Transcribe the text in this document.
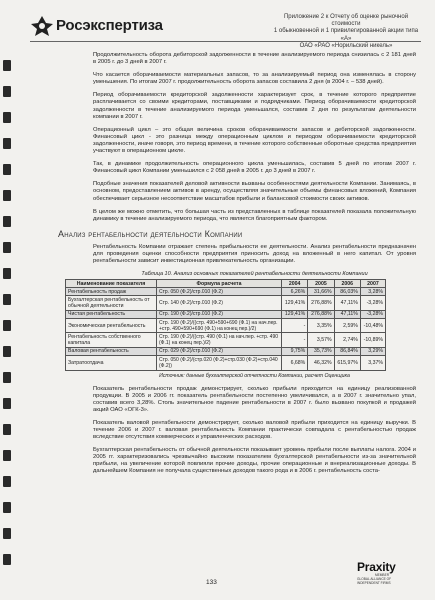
Росэкспертиза	Приложение 2 к Отчету об оценке рыночной стоимости
1 обыкновенной и 1 привилегированной акции типа «А»
ОАО «РАО «Норильский никель»

Продолжительность оборота дебиторской задолженности в течение анализируемого периода снизилась с 2 181 дней в 2005 г. до 3 дней в 2007 г.

Что касается оборачиваемости материальных запасов, то за анализируемый период она изменялась в сторону уменьшения. По итогам 2007 г. продолжительность оборота запасов составила 2 дня (в 2004 г. – 538 дней).

Период оборачиваемости кредиторской задолженности характеризует срок, в течение которого предприятие расплачивается со своими кредиторами, поставщиками и подрядчиками. Период оборачиваемости кредиторской задолженности в течение анализируемого периода уменьшался, составив 2 дня по результатам деятельности компании в 2007 г.

Операционный цикл – это общая величина сроков оборачиваемости запасов и дебиторской задолженности. Финансовый цикл - это разница между операционным циклом и периодом оборачиваемости кредиторской задолженности, иначе говоря, это период времени, в течение которого собственные оборотные средства предприятия участвуют в операционном цикле.

Так, в динамике продолжительность операционного цикла уменьшилась, составив 5 дней по итогам 2007 г. Финансовый цикл Компании уменьшился с 2 058 дней в 2005 г. до 3 дней в 2007 г.

Подобные значения показателей деловой активности вызваны особенностями деятельности Компании. Занимаясь, в основном, предоставлением активов в аренду, осуществляя значительные объемы финансовых вложений, Компания обеспечивает серьезное несоответствие масштабов прибыли и балансовой стоимости своих активов.

В целом же можно отметить, что большая часть из представленных в таблице показателей показала положительную динамику в течение анализируемого периода, что является благоприятным фактором.

Анализ рентабельности деятельности Компании

Рентабельность Компании отражает степень прибыльности ее деятельности. Анализ рентабельности предназначен для проведения оценки способности предприятия приносить доход на вложенный в него капитал. От уровня рентабельности зависит инвестиционная привлекательность организации.

Таблица 10. Анализ основных показателей рентабельности деятельности Компании
Наименование показателя	Формула расчета	2004	2005	2006	2007
Рентабельность продаж	Стр. 050 (Ф.2)/стр.010 (Ф.2)	6,26%	31,66%	86,03%	3,28%
Бухгалтерская рентабельность от обычной деятельности	Стр. 140 (Ф.2)/стр.010 (Ф.2)	129,41%	276,88%	47,11%	-3,28%
Чистая рентабельность	Стр. 190 (Ф.2)/стр.010 (Ф.2)	129,41%	276,88%	47,11%	-3,28%
Экономическая рентабельность	Стр. 190 (Ф.2)/((стр. 490+590+690 (Ф.1) на нач.пер. +стр. 490+590+690 (Ф.1) на конец пер.)/2)	-	3,35%	2,59%	-10,48%
Рентабельность собственного капитала	Стр. 190 (Ф.2)/((стр. 490 (Ф.1) на нач.пер. +стр. 490 (Ф.1) на конец пер.)/2)	-	3,57%	2,74%	-10,89%
Валовая рентабельность	Стр. 029 (Ф.2)/стр.010 (Ф.2)	9,75%	35,73%	86,84%	3,29%
Затратоотдача	Стр. 050 (Ф.2)/(стр.020 (Ф.2)+стр.030 (Ф.2)+стр.040 (Ф.2))	6,68%	46,32%	615,97%	3,37%
Источник: данные бухгалтерской отчетности Компании, расчет Оценщика

Показатель рентабельности продаж демонстрирует, сколько прибыли приходится на единицу реализованной продукции. В 2005 и 2006 гг. показатель рентабельности постепенно увеличивался, а в 2007 г. значительно упал, составив всего 3,28%. Столь значительное падение рентабельности в 2007 г. было вызвано покупкой и продажей акций ОАО «ОГК-3».

Показатель валовой рентабельности демонстрирует, сколько валовой прибыли приходится на единицу выручки. В течение 2006 и 2007 г. валовая рентабельность Компании практически совпадала с рентабельностью продаж вследствие отсутствия коммерческих и управленческих расходов.

Бухгалтерская рентабельность от обычной деятельности показывает уровень прибыли после выплаты налога. 2004 и 2005 гг. характеризовались чрезвычайно высоким показателем бухгалтерской рентабельности из-за значительной прибыли, на увеличение которой повлияли прочие доходы, прочие операционные и внереализационные доходы. В дальнейшем Компания не получала существенных доходов такого рода и в 2006 г. рентабельность соста-

133
Praxity
MEMBER
GLOBAL ALLIANCE OF
INDEPENDENT FIRMS
